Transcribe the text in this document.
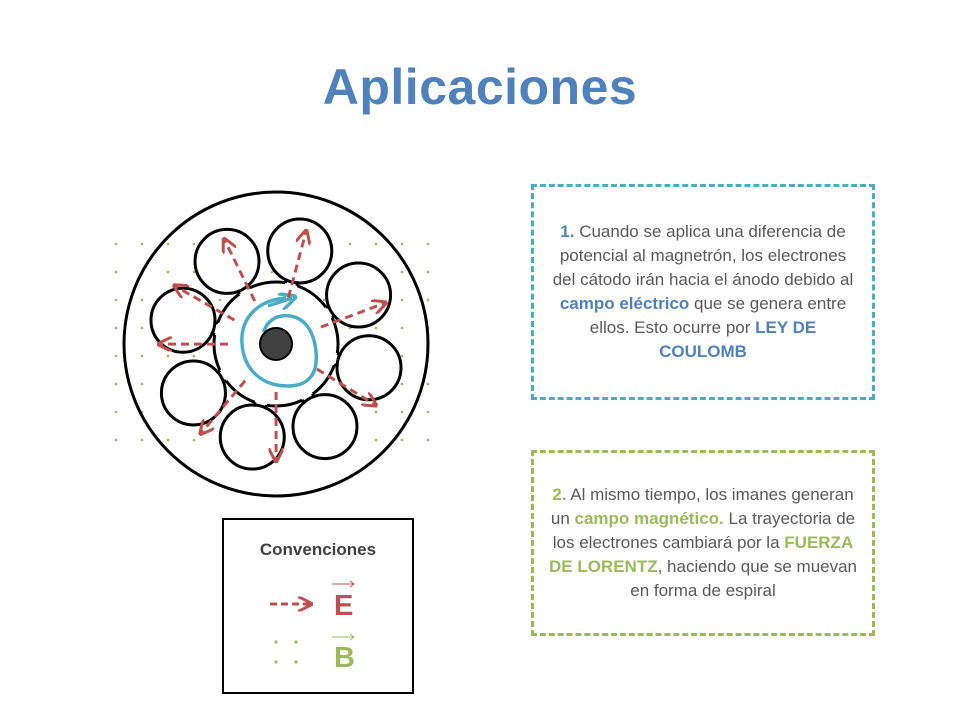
Aplicaciones
1. Cuando se aplica una diferencia de potencial al magnetrón, los electrones del cátodo irán hacia el ánodo debido al campo eléctrico que se genera entre ellos. Esto ocurre por LEY DE COULOMB
2. Al mismo tiempo, los imanes generan un campo magnético. La trayectoria de los electrones cambiará por la FUERZA DE LORENTZ, haciendo que se muevan en forma de espiral
Convenciones
E
B
